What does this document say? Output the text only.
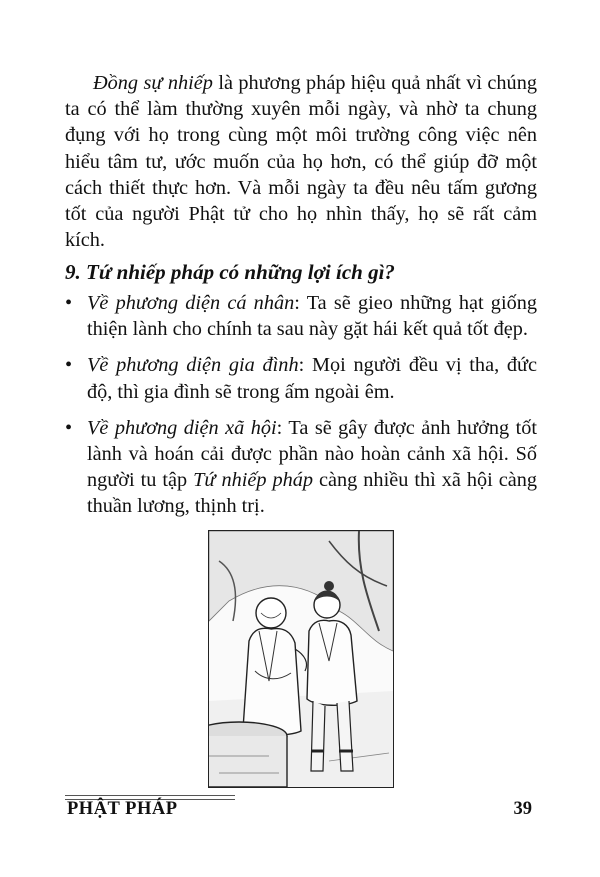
Đồng sự nhiếp là phương pháp hiệu quả nhất vì chúng ta có thể làm thường xuyên mỗi ngày, và nhờ ta chung đụng với họ trong cùng một môi trường công việc nên hiểu tâm tư, ước muốn của họ hơn, có thể giúp đỡ một cách thiết thực hơn. Và mỗi ngày ta đều nêu tấm gương tốt của người Phật tử cho họ nhìn thấy, họ sẽ rất cảm kích.

9. Tứ nhiếp pháp có những lợi ích gì?
• Về phương diện cá nhân: Ta sẽ gieo những hạt giống thiện lành cho chính ta sau này gặt hái kết quả tốt đẹp.
• Về phương diện gia đình: Mọi người đều vị tha, đức độ, thì gia đình sẽ trong ấm ngoài êm.
• Về phương diện xã hội: Ta sẽ gây được ảnh hưởng tốt lành và hoán cải được phần nào hoàn cảnh xã hội. Số người tu tập Tứ nhiếp pháp càng nhiều thì xã hội càng thuần lương, thịnh trị.
PHẬT PHÁP	39
